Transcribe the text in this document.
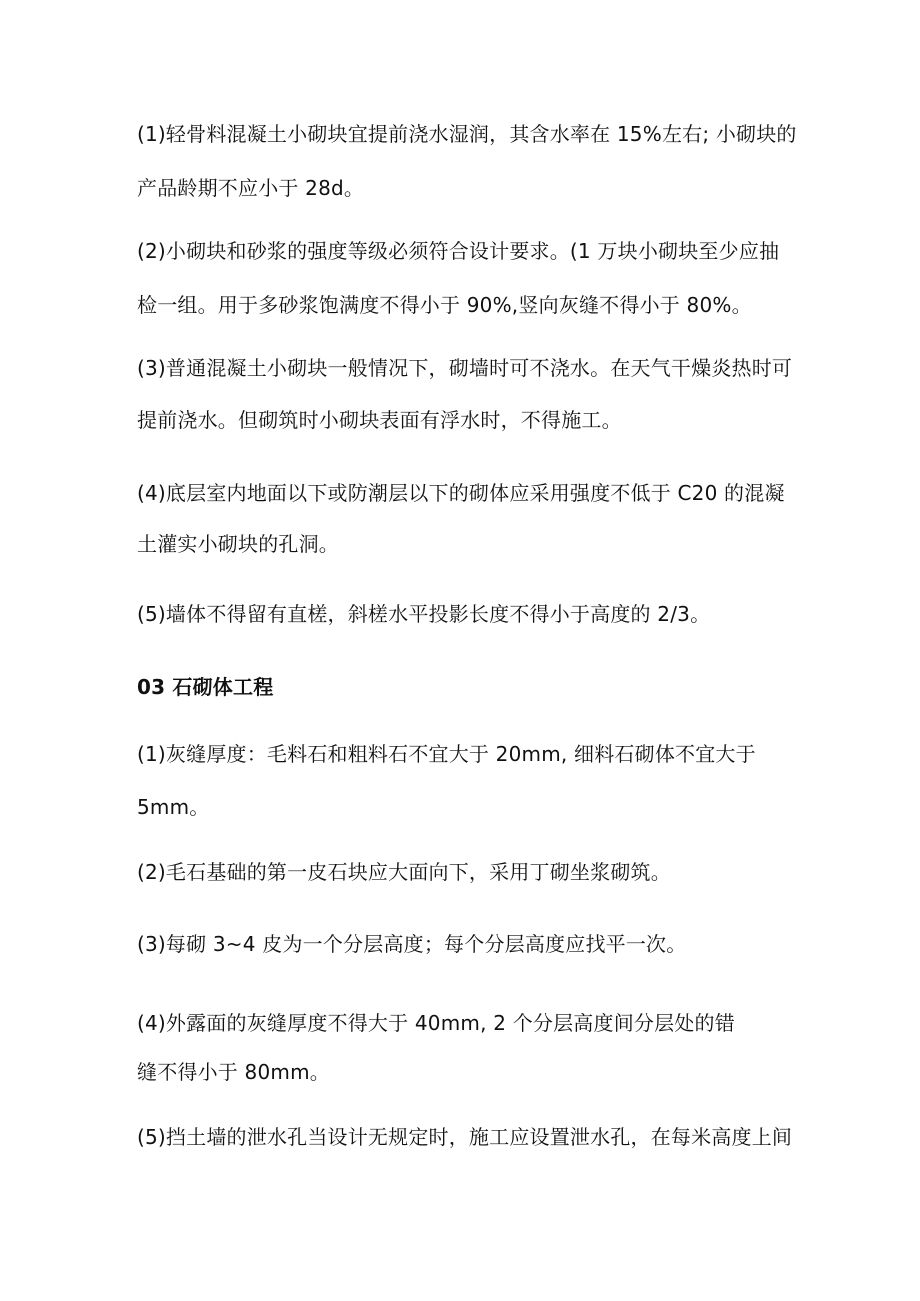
(1)轻骨料混凝土小砌块宜提前浇水湿润，其含水率在 15%左右; 小砌块的
产品龄期不应小于 28d。
(2)小砌块和砂浆的强度等级必须符合设计要求。(1 万块小砌块至少应抽
检一组。用于多砂浆饱满度不得小于 90%,竖向灰缝不得小于 80%。
(3)普通混凝土小砌块一般情况下，砌墙时可不浇水。在天气干燥炎热时可
提前浇水。但砌筑时小砌块表面有浮水时，不得施工。
(4)底层室内地面以下或防潮层以下的砌体应采用强度不低于 C20 的混凝
土灌实小砌块的孔洞。
(5)墙体不得留有直槎，斜槎水平投影长度不得小于高度的 2/3。
03 石砌体工程
(1)灰缝厚度：毛料石和粗料石不宜大于 20mm, 细料石砌体不宜大于
5mm。
(2)毛石基础的第一皮石块应大面向下，采用丁砌坐浆砌筑。
(3)每砌 3~4 皮为一个分层高度；每个分层高度应找平一次。
(4)外露面的灰缝厚度不得大于 40mm, 2 个分层高度间分层处的错
缝不得小于 80mm。
(5)挡土墙的泄水孔当设计无规定时，施工应设置泄水孔，在每米高度上间
